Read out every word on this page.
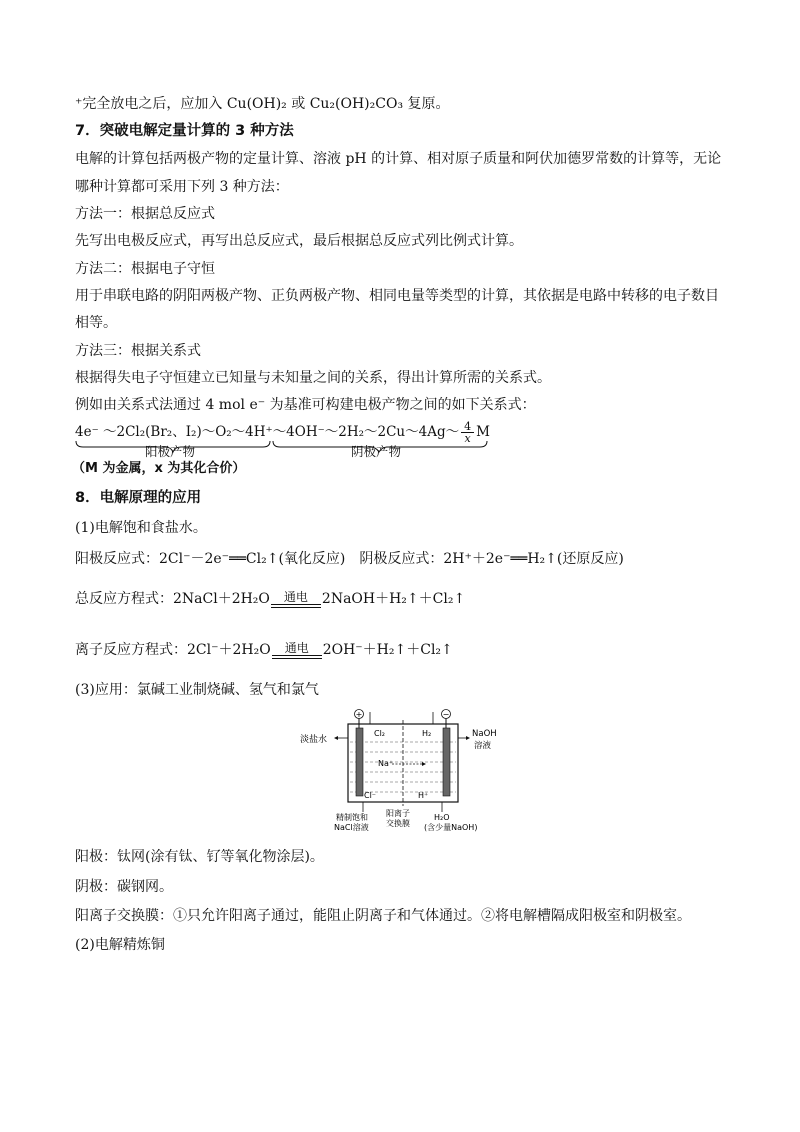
⁺完全放电之后，应加入 Cu(OH)₂ 或 Cu₂(OH)₂CO₃ 复原。
7．突破电解定量计算的 3 种方法
电解的计算包括两极产物的定量计算、溶液 pH 的计算、相对原子质量和阿伏加德罗常数的计算等，无论
哪种计算都可采用下列 3 种方法：
方法一：根据总反应式
先写出电极反应式，再写出总反应式，最后根据总反应式列比例式计算。
方法二：根据电子守恒
用于串联电路的阴阳两极产物、正负两极产物、相同电量等类型的计算，其依据是电路中转移的电子数目
相等。
方法三：根据关系式
根据得失电子守恒建立已知量与未知量之间的关系，得出计算所需的关系式。
例如由关系式法通过 4 mol e⁻ 为基准可构建电极产物之间的如下关系式：
4e⁻ ～2Cl₂(Br₂、I₂)～O₂～4H⁺～4OH⁻～2H₂～2Cu～4Ag～ $\frac{4}{x}$ M
阳极产物	阴极产物
（M 为金属，x 为其化合价）
8．电解原理的应用
(1)电解饱和食盐水。
阳极反应式：2Cl⁻－2e⁻══Cl₂↑(氧化反应)　阴极反应式：2H⁺＋2e⁻══H₂↑(还原反应)
总反应方程式：2NaCl＋2H₂O	通电	2NaOH＋H₂↑＋Cl₂↑
离子反应方程式：2Cl⁻＋2H₂O	通电	2OH⁻＋H₂↑＋Cl₂↑
(3)应用：氯碱工业制烧碱、氢气和氯气
+	−
Cl₂	H₂
Na⁺
Cl⁻	H⁺
淡盐水
NaOH
溶液
精制饱和
NaCl溶液
阳离子
交换膜
H₂O
(含少量NaOH)
阳极：钛网(涂有钛、钌等氧化物涂层)。
阴极：碳钢网。
阳离子交换膜：①只允许阳离子通过，能阻止阴离子和气体通过。②将电解槽隔成阳极室和阴极室。
(2)电解精炼铜
